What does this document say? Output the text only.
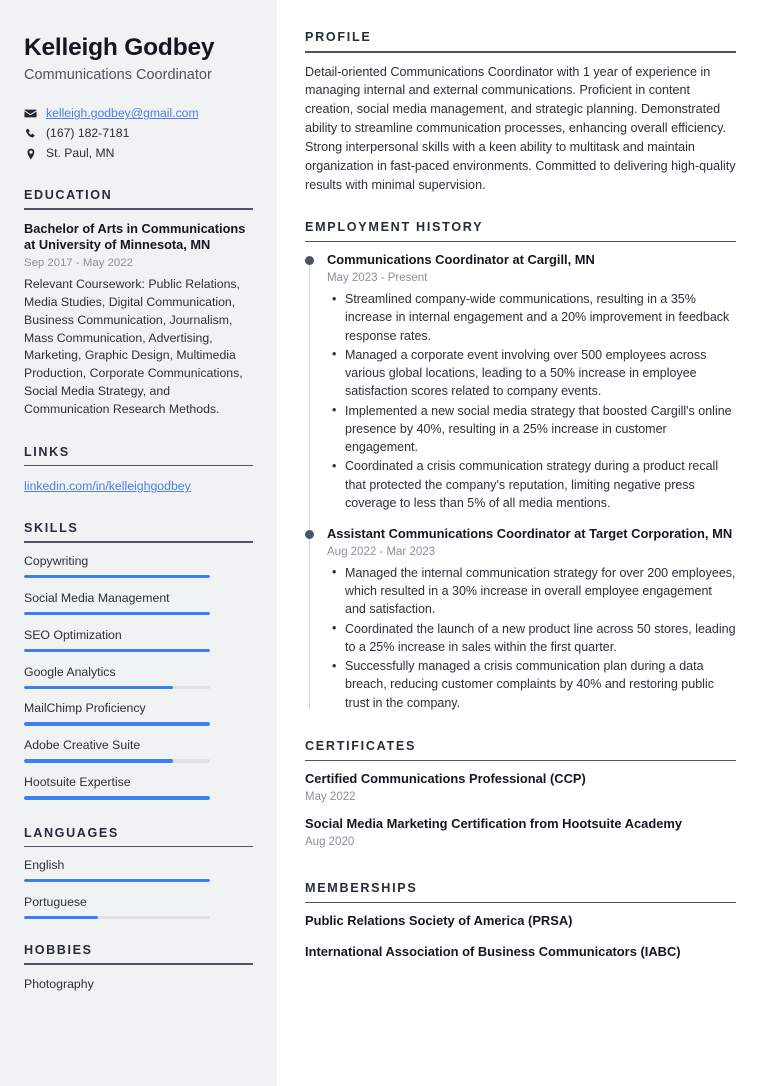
Kelleigh Godbey
Communications Coordinator
kelleigh.godbey@gmail.com
(167) 182-7181
St. Paul, MN
EDUCATION
Bachelor of Arts in Communications at University of Minnesota, MN
Sep 2017 - May 2022
Relevant Coursework: Public Relations, Media Studies, Digital Communication, Business Communication, Journalism, Mass Communication, Advertising, Marketing, Graphic Design, Multimedia Production, Corporate Communications, Social Media Strategy, and Communication Research Methods.
LINKS
linkedin.com/in/kelleighgodbey
SKILLS
Copywriting
Social Media Management
SEO Optimization
Google Analytics
MailChimp Proficiency
Adobe Creative Suite
Hootsuite Expertise
LANGUAGES
English
Portuguese
HOBBIES
Photography
PROFILE

Detail-oriented Communications Coordinator with 1 year of experience in managing internal and external communications. Proficient in content creation, social media management, and strategic planning. Demonstrated ability to streamline communication processes, enhancing overall efficiency. Strong interpersonal skills with a keen ability to multitask and maintain organization in fast-paced environments. Committed to delivering high-quality results with minimal supervision.

EMPLOYMENT HISTORY
Communications Coordinator at Cargill, MN
May 2023 - Present
• Streamlined company-wide communications, resulting in a 35% increase in internal engagement and a 20% improvement in feedback response rates.
• Managed a corporate event involving over 500 employees across various global locations, leading to a 50% increase in employee satisfaction scores related to company events.
• Implemented a new social media strategy that boosted Cargill's online presence by 40%, resulting in a 25% increase in customer engagement.
• Coordinated a crisis communication strategy during a product recall that protected the company's reputation, limiting negative press coverage to less than 5% of all media mentions.
Assistant Communications Coordinator at Target Corporation, MN
Aug 2022 - Mar 2023
• Managed the internal communication strategy for over 200 employees, which resulted in a 30% increase in overall employee engagement and satisfaction.
• Coordinated the launch of a new product line across 50 stores, leading to a 25% increase in sales within the first quarter.
• Successfully managed a crisis communication plan during a data breach, reducing customer complaints by 40% and restoring public trust in the company.
CERTIFICATES
Certified Communications Professional (CCP)
May 2022
Social Media Marketing Certification from Hootsuite Academy
Aug 2020
MEMBERSHIPS
Public Relations Society of America (PRSA)
International Association of Business Communicators (IABC)
